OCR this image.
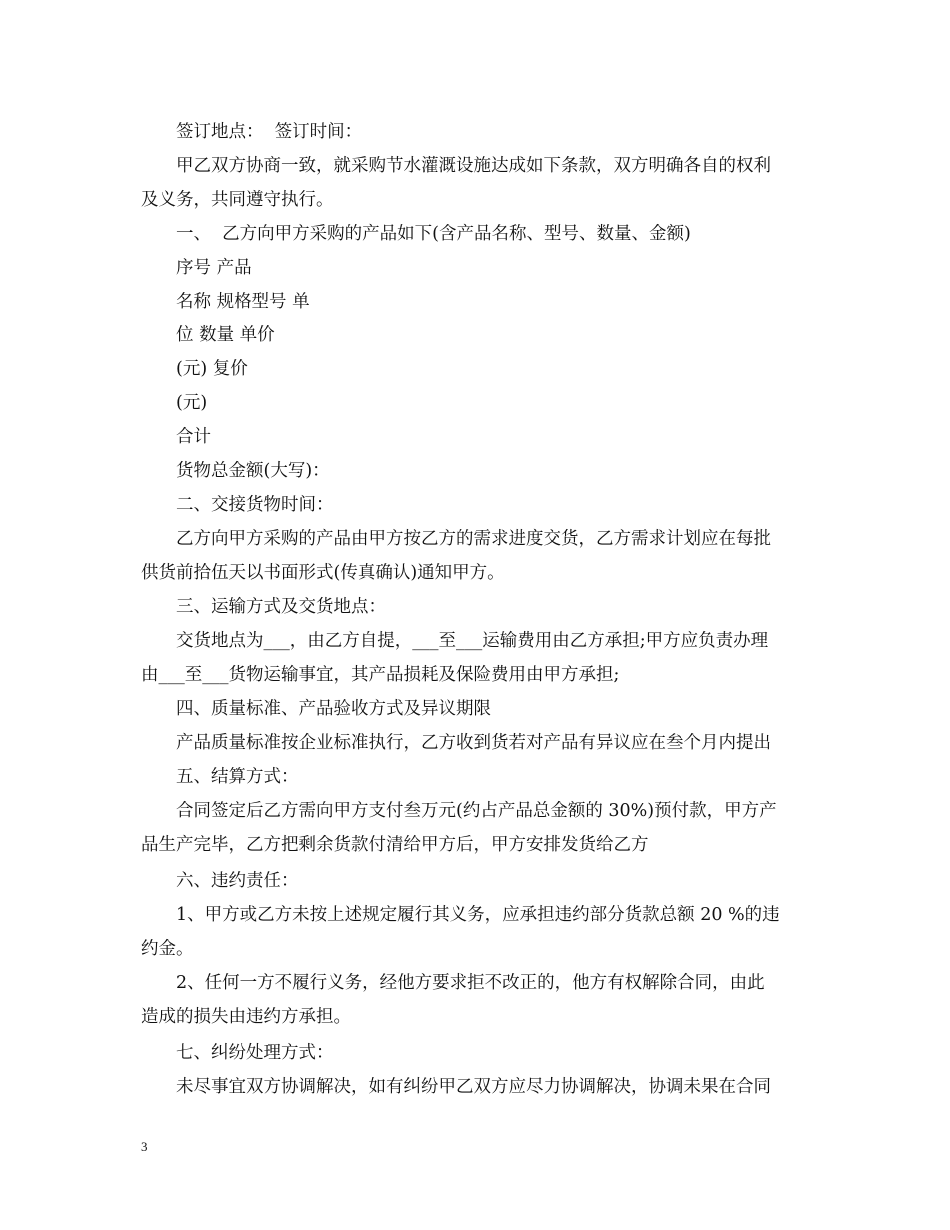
签订地点：  签订时间：
甲乙双方协商一致，就采购节水灌溉设施达成如下条款，双方明确各自的权利
及义务，共同遵守执行。
一、  乙方向甲方采购的产品如下(含产品名称、型号、数量、金额)
序号 产品
名称 规格型号 单
位 数量 单价
(元) 复价
(元)
合计
货物总金额(大写)：
二、交接货物时间：
乙方向甲方采购的产品由甲方按乙方的需求进度交货，乙方需求计划应在每批
供货前拾伍天以书面形式(传真确认)通知甲方。
三、运输方式及交货地点：
交货地点为___，由乙方自提，___至___运输费用由乙方承担;甲方应负责办理
由___至___货物运输事宜，其产品损耗及保险费用由甲方承担;
四、质量标准、产品验收方式及异议期限
产品质量标准按企业标准执行，乙方收到货若对产品有异议应在叁个月内提出
五、结算方式：
合同签定后乙方需向甲方支付叁万元(约占产品总金额的 30%)预付款，甲方产
品生产完毕，乙方把剩余货款付清给甲方后，甲方安排发货给乙方
六、违约责任：
1、甲方或乙方未按上述规定履行其义务，应承担违约部分货款总额 20 %的违
约金。
2、任何一方不履行义务，经他方要求拒不改正的，他方有权解除合同，由此
造成的损失由违约方承担。
七、纠纷处理方式：
未尽事宜双方协调解决，如有纠纷甲乙双方应尽力协调解决，协调未果在合同
3
